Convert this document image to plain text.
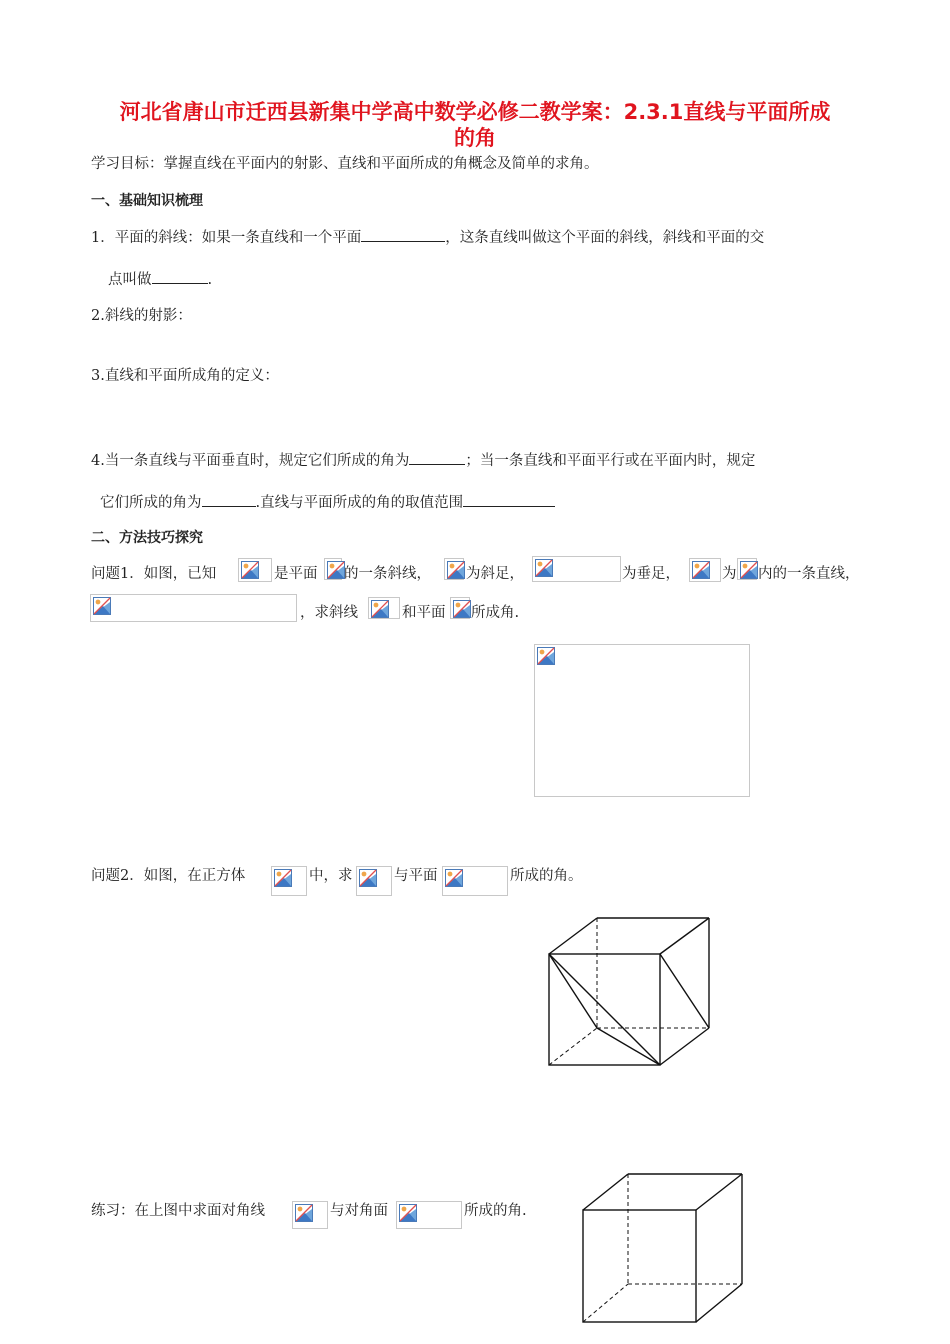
河北省唐山市迁西县新集中学高中数学必修二教学案：2.3.1直线与平面所成
的角
学习目标：掌握直线在平面内的射影、直线和平面所成的角概念及简单的求角。
一、基础知识梳理
1．平面的斜线：如果一条直线和一个平面	，这条直线叫做这个平面的斜线，斜线和平面的交
点叫做	.
2.斜线的射影：
3.直线和平面所成角的定义：
4.当一条直线与平面垂直时，规定它们所成的角为	；当一条直线和平面平行或在平面内时，规定
它们所成的角为	.直线与平面所成的角的取值范围
二、方法技巧探究
问题1．如图，已知	是平面 的一条斜线， 为斜足，	为垂足，	为 内的一条直线，
，求斜线	和平面 所成角.
问题2．如图，在正方体	中，求	与平面	所成的角。
练习：在上图中求面对角线	与对角面	所成的角.
